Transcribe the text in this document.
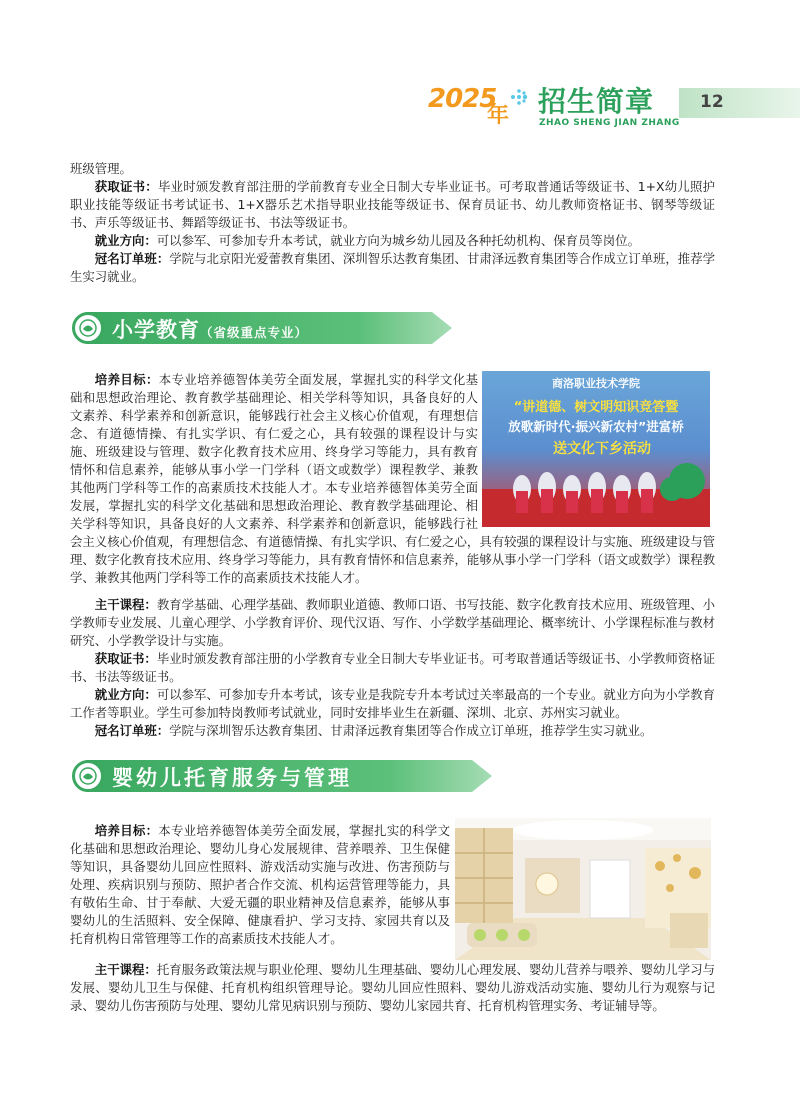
2025
年 招生简章
ZHAO SHENG JIAN ZHANG
12
班级管理。
获取证书：毕业时颁发教育部注册的学前教育专业全日制大专毕业证书。可考取普通话等级证书、1+X幼儿照护职业技能等级证书考试证书、1+X器乐艺术指导职业技能等级证书、保育员证书、幼儿教师资格证书、钢琴等级证书、声乐等级证书、舞蹈等级证书、书法等级证书。
就业方向：可以参军、可参加专升本考试，就业方向为城乡幼儿园及各种托幼机构、保育员等岗位。
冠名订单班：学院与北京阳光爱蕾教育集团、深圳智乐达教育集团、甘肃泽远教育集团等合作成立订单班，推荐学生实习就业。
小学教育（省级重点专业）
商洛职业技术学院
“讲道德、树文明知识竞答暨
放歌新时代·振兴新农村”进富桥
送文化下乡活动
培养目标：本专业培养德智体美劳全面发展，掌握扎实的科学文化基础和思想政治理论、教育教学基础理论、相关学科等知识，具备良好的人文素养、科学素养和创新意识，能够践行社会主义核心价值观，有理想信念、有道德情操、有扎实学识、有仁爱之心，具有较强的课程设计与实施、班级建设与管理、数字化教育技术应用、终身学习等能力，具有教育情怀和信息素养，能够从事小学一门学科（语文或数学）课程教学、兼教其他两门学科等工作的高素质技术技能人才。本专业培养德智体美劳全面发展，掌握扎实的科学文化基础和思想政治理论、教育教学基础理论、相关学科等知识，具备良好的人文素养、科学素养和创新意识，能够践行社会主义核心价值观，有理想信念、有道德情操、有扎实学识、有仁爱之心，具有较强的课程设计与实施、班级建设与管理、数字化教育技术应用、终身学习等能力，具有教育情怀和信息素养，能够从事小学一门学科（语文或数学）课程教学、兼教其他两门学科等工作的高素质技术技能人才。
主干课程：教育学基础、心理学基础、教师职业道德、教师口语、书写技能、数字化教育技术应用、班级管理、小学教师专业发展、儿童心理学、小学教育评价、现代汉语、写作、小学数学基础理论、概率统计、小学课程标准与教材研究、小学教学设计与实施。
获取证书：毕业时颁发教育部注册的小学教育专业全日制大专毕业证书。可考取普通话等级证书、小学教师资格证书、书法等级证书。
就业方向：可以参军、可参加专升本考试，该专业是我院专升本考试过关率最高的一个专业。就业方向为小学教育工作者等职业。学生可参加特岗教师考试就业，同时安排毕业生在新疆、深圳、北京、苏州实习就业。
冠名订单班：学院与深圳智乐达教育集团、甘肃泽远教育集团等合作成立订单班，推荐学生实习就业。
婴幼儿托育服务与管理
培养目标：本专业培养德智体美劳全面发展，掌握扎实的科学文化基础和思想政治理论、婴幼儿身心发展规律、营养喂养、卫生保健等知识，具备婴幼儿回应性照料、游戏活动实施与改进、伤害预防与处理、疾病识别与预防、照护者合作交流、机构运营管理等能力，具有敬佑生命、甘于奉献、大爱无疆的职业精神及信息素养，能够从事婴幼儿的生活照料、安全保障、健康看护、学习支持、家园共育以及托育机构日常管理等工作的高素质技术技能人才。
主干课程：托育服务政策法规与职业伦理、婴幼儿生理基础、婴幼儿心理发展、婴幼儿营养与喂养、婴幼儿学习与发展、婴幼儿卫生与保健、托育机构组织管理导论。婴幼儿回应性照料、婴幼儿游戏活动实施、婴幼儿行为观察与记录、婴幼儿伤害预防与处理、婴幼儿常见病识别与预防、婴幼儿家园共育、托育机构管理实务、考证辅导等。
